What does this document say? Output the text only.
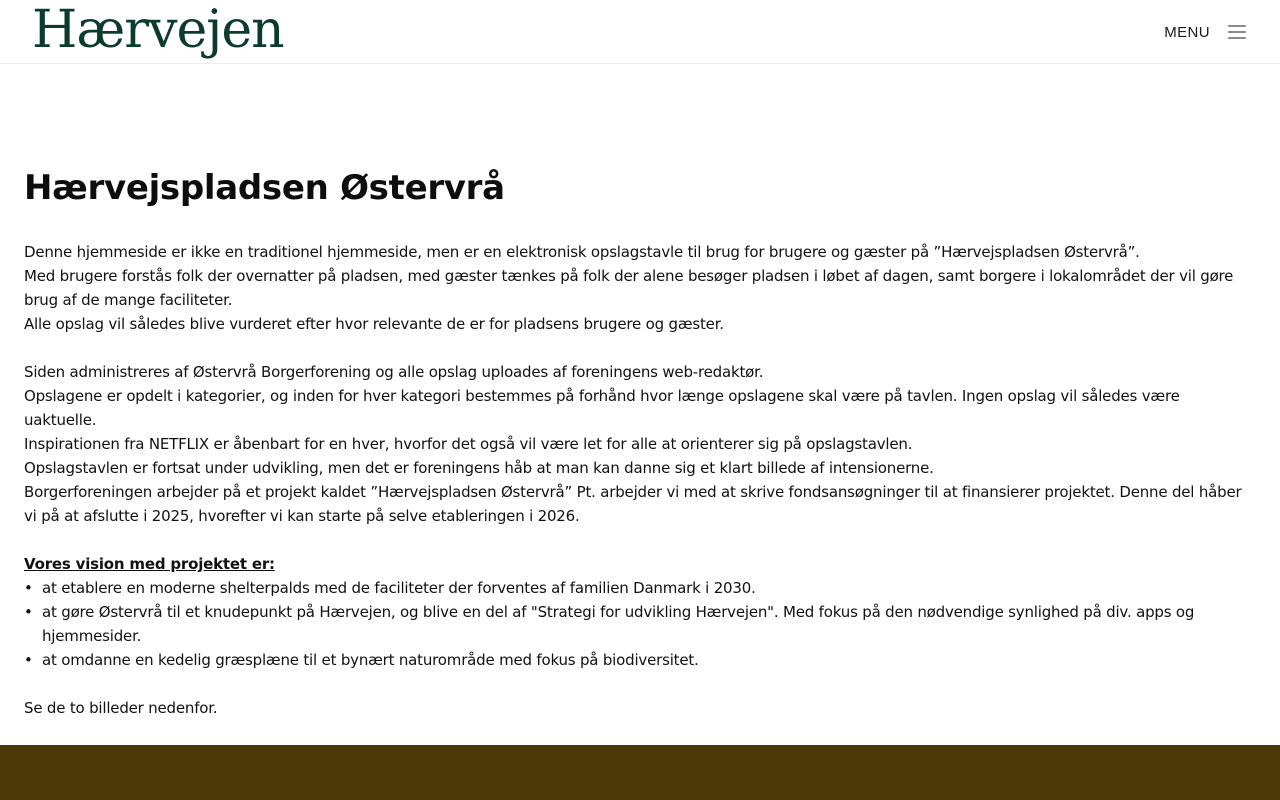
Hærvejen	MENU
Hærvejspladsen Østervrå

Denne hjemmeside er ikke en traditionel hjemmeside, men er en elektronisk opslagstavle til brug for brugere og gæster på ”Hærvejspladsen Østervrå”.

Med brugere forstås folk der overnatter på pladsen, med gæster tænkes på folk der alene besøger pladsen i løbet af dagen, samt borgere i lokalområdet der vil gøre brug af de mange faciliteter.

Alle opslag vil således blive vurderet efter hvor relevante de er for pladsens brugere og gæster.

Siden administreres af Østervrå Borgerforening og alle opslag uploades af foreningens web-redaktør.

Opslagene er opdelt i kategorier, og inden for hver kategori bestemmes på forhånd hvor længe opslagene skal være på tavlen. Ingen opslag vil således være uaktuelle.

Inspirationen fra NETFLIX er åbenbart for en hver, hvorfor det også vil være let for alle at orienterer sig på opslagstavlen.

Opslagstavlen er fortsat under udvikling, men det er foreningens håb at man kan danne sig et klart billede af intensionerne.

Borgerforeningen arbejder på et projekt kaldet ”Hærvejspladsen Østervrå” Pt. arbejder vi med at skrive fondsansøgninger til at finansierer projektet. Denne del håber vi på at afslutte i 2025, hvorefter vi kan starte på selve etableringen i 2026.

Vores vision med projektet er:

• at etablere en moderne shelterpalds med de faciliteter der forventes af familien Danmark i 2030.
• at gøre Østervrå til et knudepunkt på Hærvejen, og blive en del af "Strategi for udvikling Hærvejen". Med fokus på den nødvendige synlighed på div. apps og hjemmesider.
• at omdanne en kedelig græsplæne til et bynært naturområde med fokus på biodiversitet.

Se de to billeder nedenfor.
